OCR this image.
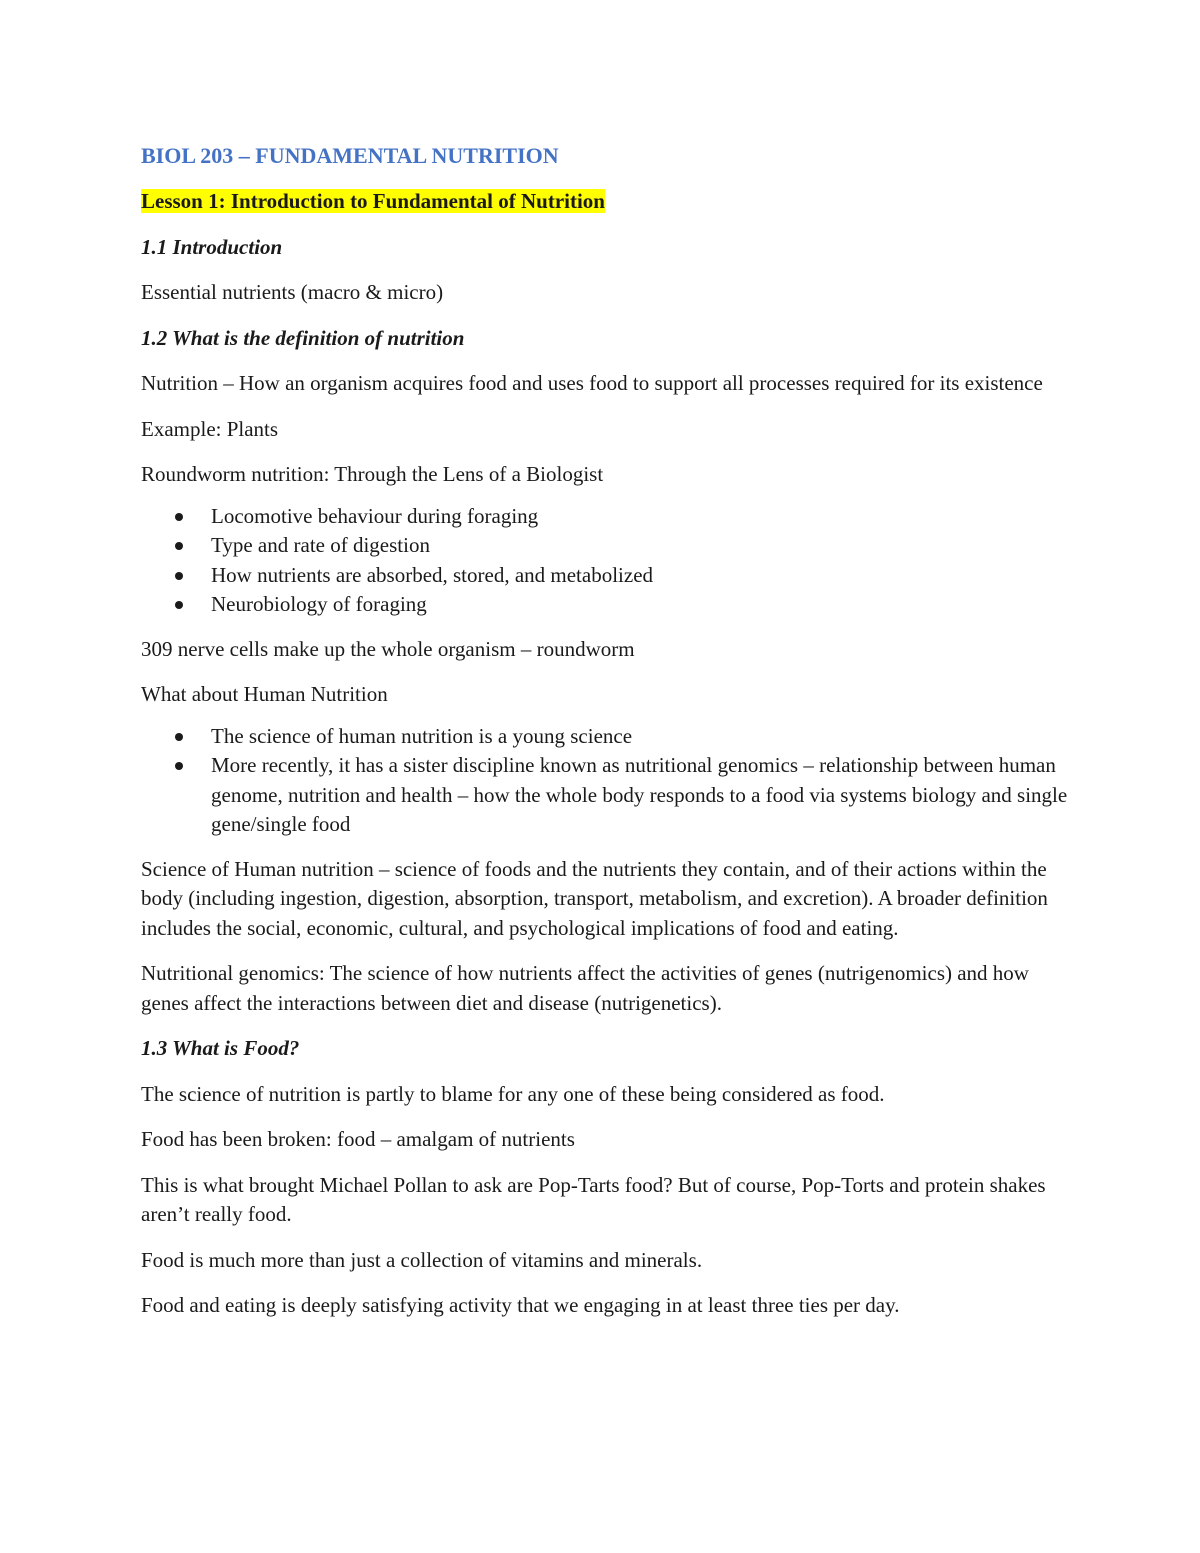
BIOL 203 – FUNDAMENTAL NUTRITION
Lesson 1: Introduction to Fundamental of Nutrition
1.1 Introduction

Essential nutrients (macro & micro)

1.2 What is the definition of nutrition

Nutrition – How an organism acquires food and uses food to support all processes required for its existence

Example: Plants

Roundworm nutrition: Through the Lens of a Biologist

Locomotive behaviour during foraging
Type and rate of digestion
How nutrients are absorbed, stored, and metabolized
Neurobiology of foraging

309 nerve cells make up the whole organism – roundworm

What about Human Nutrition

The science of human nutrition is a young science
More recently, it has a sister discipline known as nutritional genomics – relationship between human genome, nutrition and health – how the whole body responds to a food via systems biology and single gene/single food

Science of Human nutrition – science of foods and the nutrients they contain, and of their actions within the body (including ingestion, digestion, absorption, transport, metabolism, and excretion). A broader definition includes the social, economic, cultural, and psychological implications of food and eating.

Nutritional genomics: The science of how nutrients affect the activities of genes (nutrigenomics) and how genes affect the interactions between diet and disease (nutrigenetics).

1.3 What is Food?

The science of nutrition is partly to blame for any one of these being considered as food.

Food has been broken: food – amalgam of nutrients

This is what brought Michael Pollan to ask are Pop-Tarts food? But of course, Pop-Torts and protein shakes aren’t really food.

Food is much more than just a collection of vitamins and minerals.

Food and eating is deeply satisfying activity that we engaging in at least three ties per day.
